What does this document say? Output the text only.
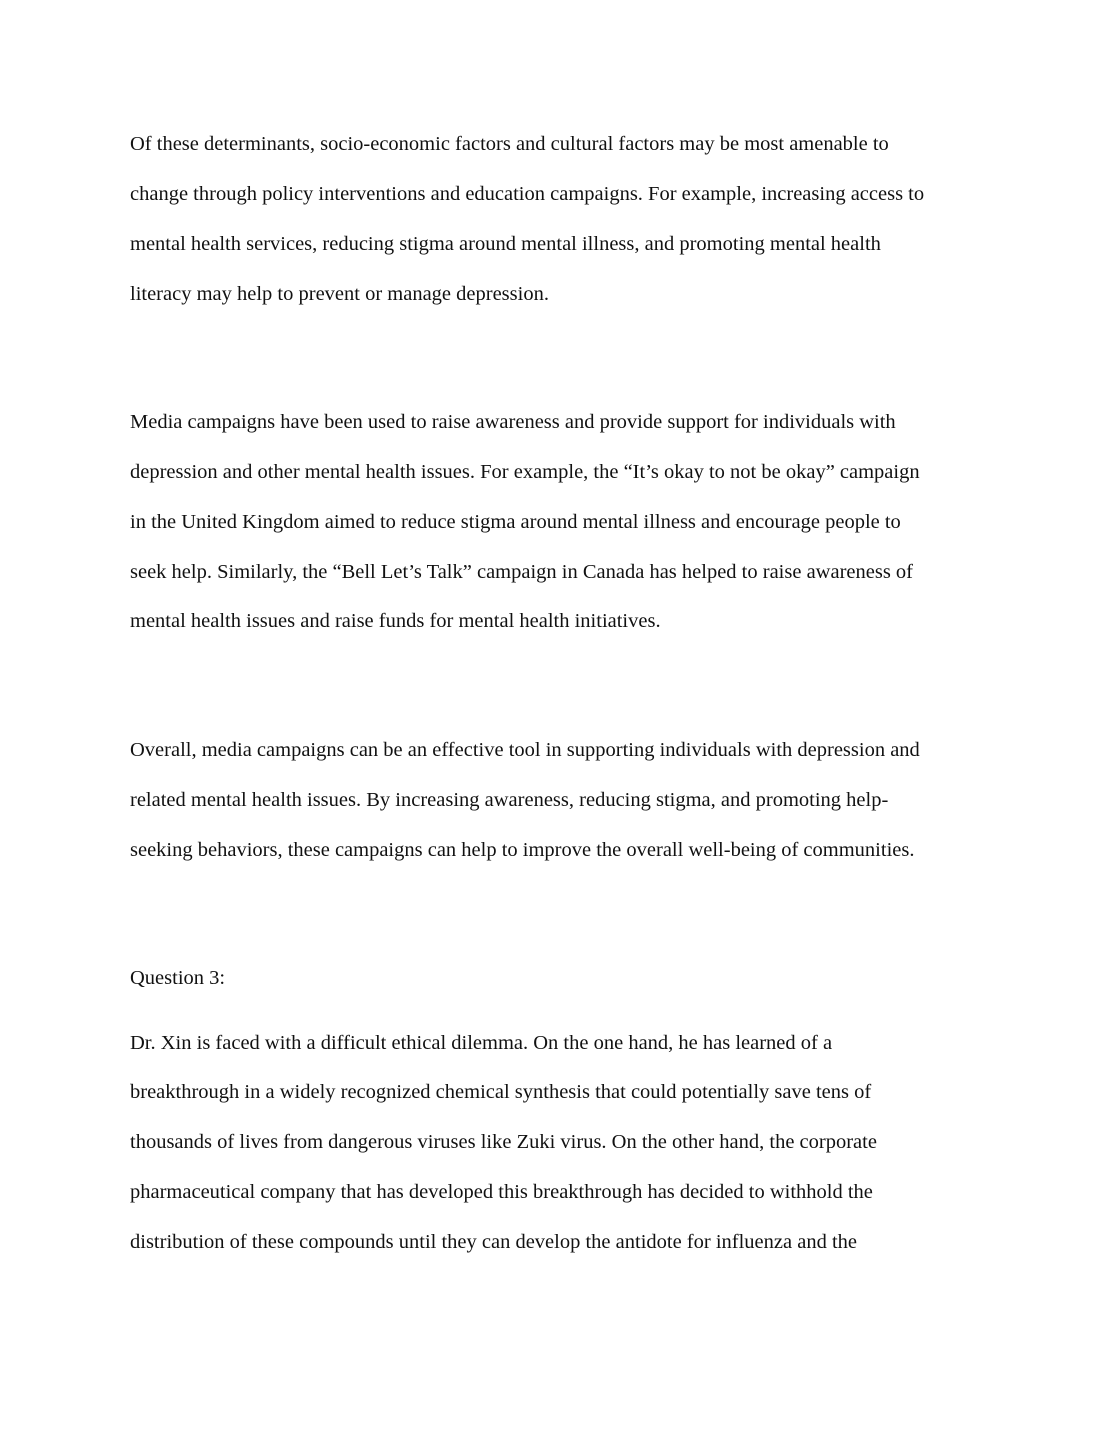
Of these determinants, socio-economic factors and cultural factors may be most amenable to

change through policy interventions and education campaigns. For example, increasing access to

mental health services, reducing stigma around mental illness, and promoting mental health

literacy may help to prevent or manage depression.

Media campaigns have been used to raise awareness and provide support for individuals with

depression and other mental health issues. For example, the “It’s okay to not be okay” campaign

in the United Kingdom aimed to reduce stigma around mental illness and encourage people to

seek help. Similarly, the “Bell Let’s Talk” campaign in Canada has helped to raise awareness of

mental health issues and raise funds for mental health initiatives.

Overall, media campaigns can be an effective tool in supporting individuals with depression and

related mental health issues. By increasing awareness, reducing stigma, and promoting help-

seeking behaviors, these campaigns can help to improve the overall well-being of communities.

Question 3:

Dr. Xin is faced with a difficult ethical dilemma. On the one hand, he has learned of a

breakthrough in a widely recognized chemical synthesis that could potentially save tens of

thousands of lives from dangerous viruses like Zuki virus. On the other hand, the corporate

pharmaceutical company that has developed this breakthrough has decided to withhold the

distribution of these compounds until they can develop the antidote for influenza and the
